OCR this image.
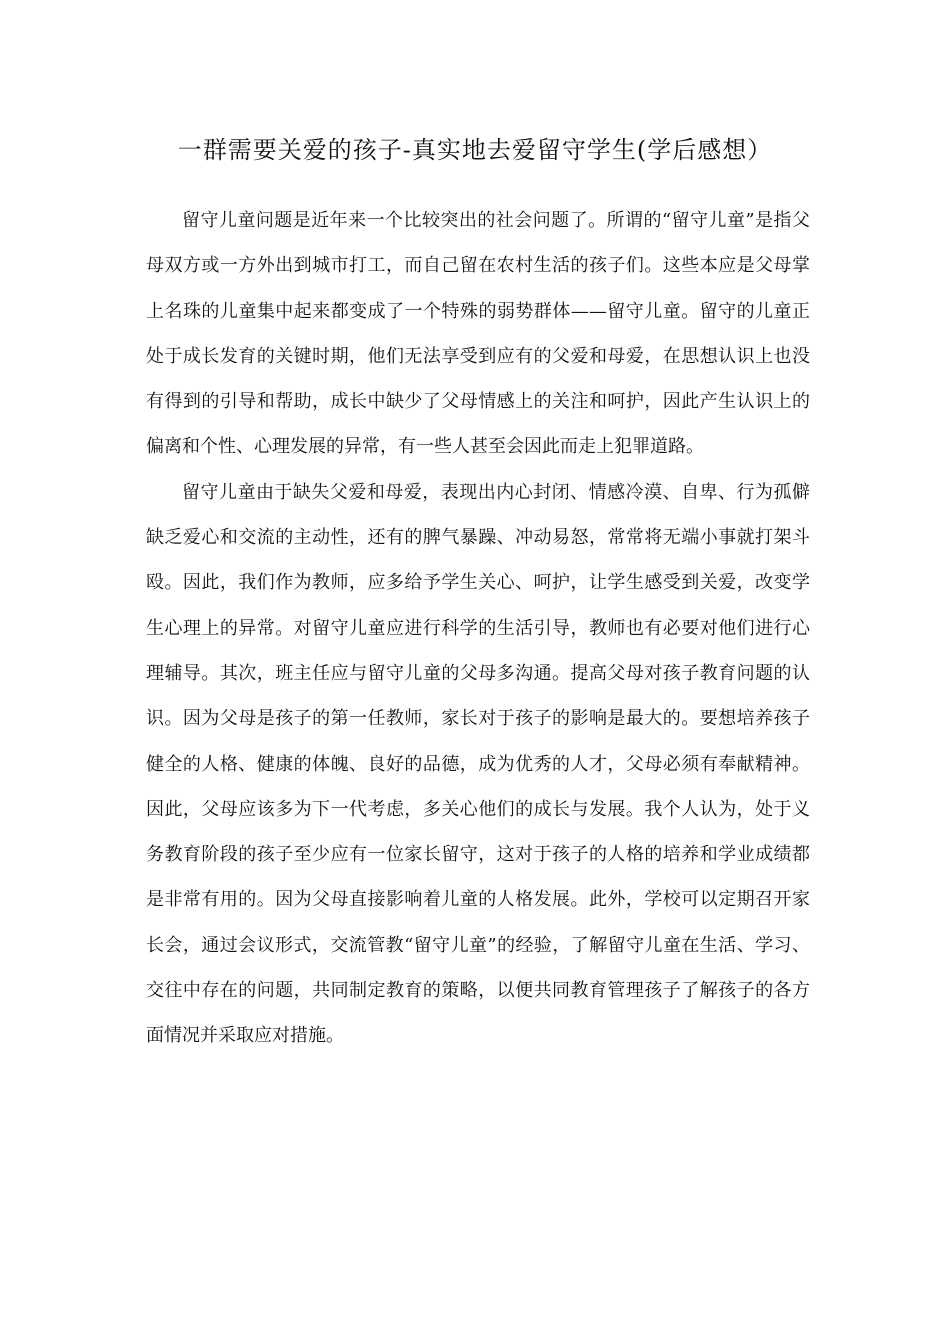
一群需要关爱的孩子-真实地去爱留守学生(学后感想）

留守儿童问题是近年来一个比较突出的社会问题了。所谓的“留守儿童”是指父母双方或一方外出到城市打工，而自己留在农村生活的孩子们。这些本应是父母掌上名珠的儿童集中起来都变成了一个特殊的弱势群体——留守儿童。留守的儿童正处于成长发育的关键时期，他们无法享受到应有的父爱和母爱，在思想认识上也没有得到的引导和帮助，成长中缺少了父母情感上的关注和呵护，因此产生认识上的偏离和个性、心理发展的异常，有一些人甚至会因此而走上犯罪道路。

留守儿童由于缺失父爱和母爱，表现出内心封闭、情感冷漠、自卑、行为孤僻缺乏爱心和交流的主动性，还有的脾气暴躁、冲动易怒，常常将无端小事就打架斗殴。因此，我们作为教师，应多给予学生关心、呵护，让学生感受到关爱，改变学生心理上的异常。对留守儿童应进行科学的生活引导，教师也有必要对他们进行心理辅导。其次，班主任应与留守儿童的父母多沟通。提高父母对孩子教育问题的认识。因为父母是孩子的第一任教师，家长对于孩子的影响是最大的。要想培养孩子健全的人格、健康的体魄、良好的品德，成为优秀的人才，父母必须有奉献精神。因此，父母应该多为下一代考虑，多关心他们的成长与发展。我个人认为，处于义务教育阶段的孩子至少应有一位家长留守，这对于孩子的人格的培养和学业成绩都是非常有用的。因为父母直接影响着儿童的人格发展。此外，学校可以定期召开家长会，通过会议形式，交流管教“留守儿童”的经验，了解留守儿童在生活、学习、交往中存在的问题，共同制定教育的策略，以便共同教育管理孩子了解孩子的各方面情况并采取应对措施。
